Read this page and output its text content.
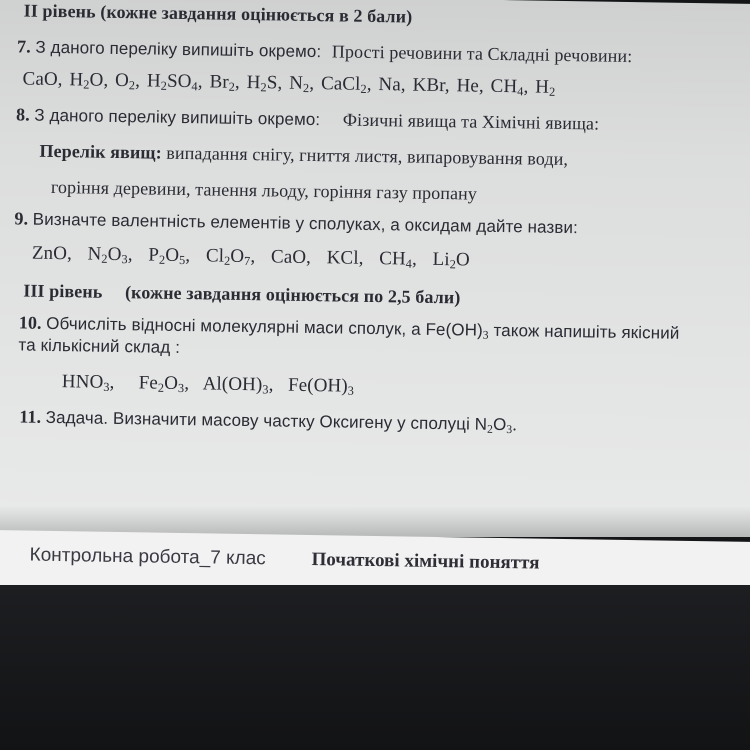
ІІ рівень (кожне завдання оцінюється в 2 бали)
7. З даного переліку випишіть окремо: Прості речовини та Складні речовини:
CaO, $H_2O$, $O_2$, $H_2SO_4$, $Br_2$, $H_2S$, $N_2$, CaCl$_2$, Na, KBr, He, $CH_4$, $H_2$
8. З даного переліку випишіть окремо: Фізичні явища та Хімічні явища:
Перелік явищ: випадання снігу, гниття листя, випаровування води,
горіння деревини, танення льоду, горіння газу пропану
9. Визначте валентність елементів у сполуках, а оксидам дайте назви:
ZnO,  $N_2O_3$,  $P_2O_5$,  $Cl_2O_7$,  CaO,  KCl,  $CH_4$,  $Li_2O$
ІІІ рівень (кожне завдання оцінюється по 2,5 бали)
10. Обчисліть відносні молекулярні маси сполук, а $Fe(OH)_3$ також напишіть якісний
та кількісний склад :
$HNO_3$,     $Fe_2O_3$,   $Al(OH)_3$,   $Fe(OH)_3$
11. Задача. Визначити масову частку Оксигену у сполуці $N_2O_3$.
Контрольна робота_7 клас Початкові хімічні поняття
